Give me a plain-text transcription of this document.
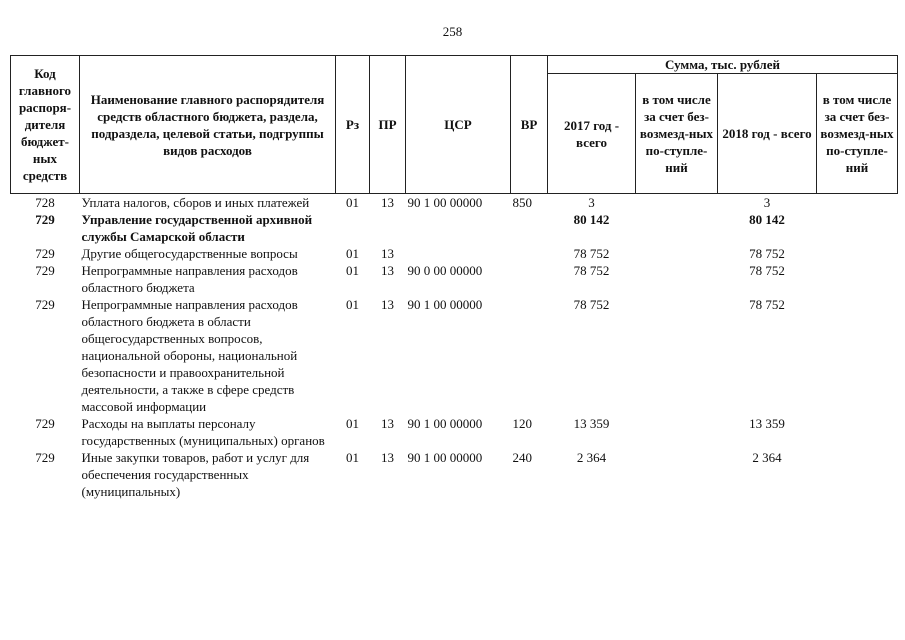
258
Код главного распоря-дителя бюджет-ных средств	Наименование главного распорядителя средств областного бюджета, раздела, подраздела, целевой статьи, подгруппы видов расходов	Рз	ПР	ЦСР	ВР	Сумма, тыс. рублей			
						2017 год - всего	в том числе за счет без-возмезд-ных по-ступле-ний	2018 год - всего	в том числе за счет без-возмезд-ных по-ступле-ний
728	Уплата налогов, сборов и иных платежей	01	13	90 1 00 00000	850	3		3	
729	Управление государственной архивной службы Самарской области					80 142		80 142	
729	Другие общегосударственные вопросы	01	13			78 752		78 752	
729	Непрограммные направления расходов областного бюджета	01	13	90 0 00 00000		78 752		78 752	
729	Непрограммные направления расходов областного бюджета в области общегосударственных вопросов, национальной обороны, национальной безопасности и правоохранительной деятельности, а также в сфере средств массовой информации	01	13	90 1 00 00000		78 752		78 752	
729	Расходы на выплаты персоналу государственных (муниципальных) органов	01	13	90 1 00 00000	120	13 359		13 359	
729	Иные закупки товаров, работ и услуг для обеспечения государственных (муниципальных)	01	13	90 1 00 00000	240	2 364		2 364	
